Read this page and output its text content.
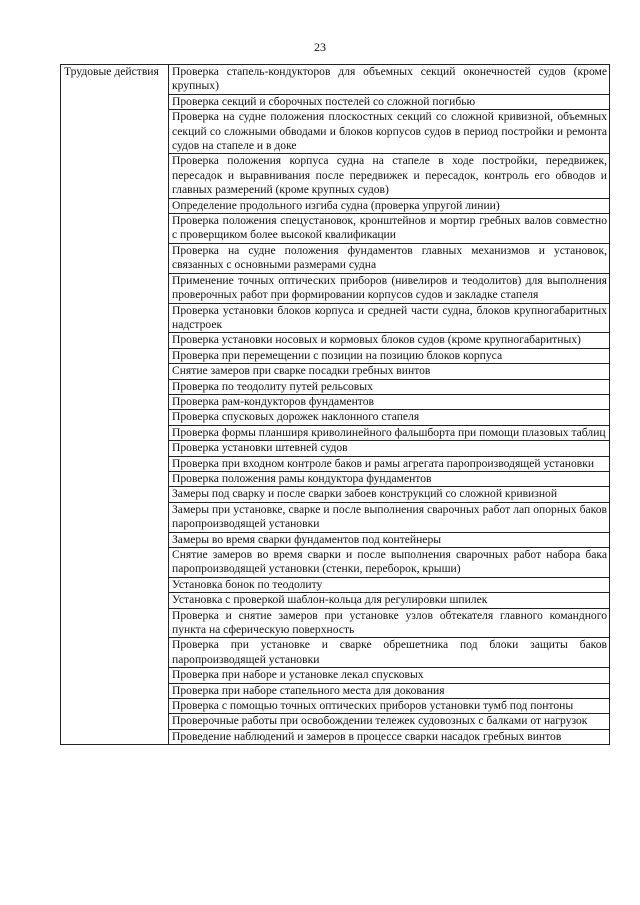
23
Трудовые действия	Проверка стапель-кондукторов для объемных секций оконечностей судов (кроме крупных)
Проверка секций и сборочных постелей со сложной погибью
Проверка на судне положения плоскостных секций со сложной кривизной, объемных секций со сложными обводами и блоков корпусов судов в период постройки и ремонта судов на стапеле и в доке
Проверка положения корпуса судна на стапеле в ходе постройки, передвижек, пересадок и выравнивания после передвижек и пересадок, контроль его обводов и главных размерений (кроме крупных судов)
Определение продольного изгиба судна (проверка упругой линии)
Проверка положения спецустановок, кронштейнов и мортир гребных валов совместно с проверщиком более высокой квалификации
Проверка на судне положения фундаментов главных механизмов и установок, связанных с основными размерами судна
Применение точных оптических приборов (нивелиров и теодолитов) для выполнения проверочных работ при формировании корпусов судов и закладке стапеля
Проверка установки блоков корпуса и средней части судна, блоков крупногабаритных надстроек
Проверка установки носовых и кормовых блоков судов (кроме крупногабаритных)
Проверка при перемещении с позиции на позицию блоков корпуса
Снятие замеров при сварке посадки гребных винтов
Проверка по теодолиту путей рельсовых
Проверка рам-кондукторов фундаментов
Проверка спусковых дорожек наклонного стапеля
Проверка формы планширя криволинейного фальшборта при помощи плазовых таблиц
Проверка установки штевней судов
Проверка при входном контроле баков и рамы агрегата паропроизводящей установки
Проверка положения рамы кондуктора фундаментов
Замеры под сварку и после сварки забоев конструкций со сложной кривизной
Замеры при установке, сварке и после выполнения сварочных работ лап опорных баков паропроизводящей установки
Замеры во время сварки фундаментов под контейнеры
Снятие замеров во время сварки и после выполнения сварочных работ набора бака паропроизводящей установки (стенки, переборок, крыши)
Установка бонок по теодолиту
Установка с проверкой шаблон-кольца для регулировки шпилек
Проверка и снятие замеров при установке узлов обтекателя главного командного пункта на сферическую поверхность
Проверка при установке и сварке обрешетника под блоки защиты баков паропроизводящей установки
Проверка при наборе и установке лекал спусковых
Проверка при наборе стапельного места для докования
Проверка с помощью точных оптических приборов установки тумб под понтоны
Проверочные работы при освобождении тележек судовозных с балками от нагрузок
Проведение наблюдений и замеров в процессе сварки насадок гребных винтов
